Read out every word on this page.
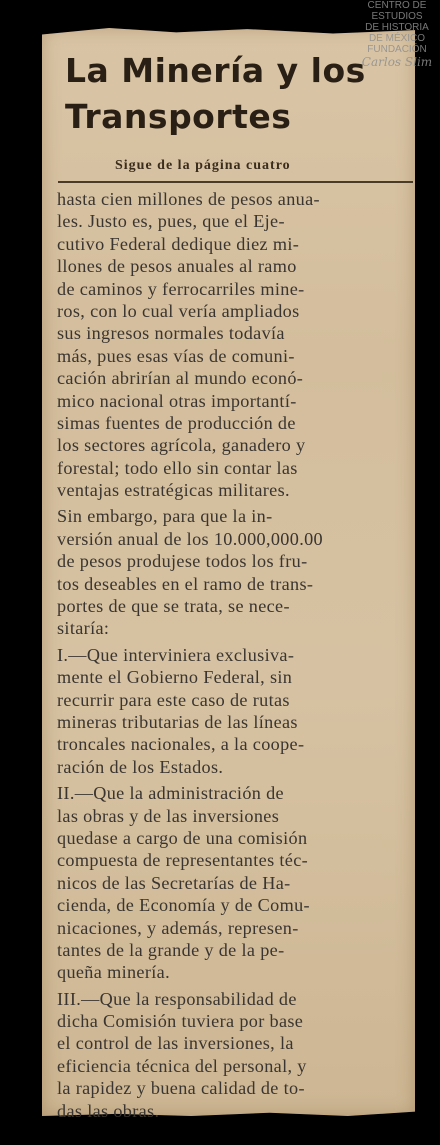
CENTRO DE
ESTUDIOS
DE HISTORIA
DE MÉXICO
FUNDACIÓN
Carlos Slim
La Minería y los
Transportes
Sigue de la página cuatro
hasta cien millones de pesos anua-
les. Justo es, pues, que el Eje-
cutivo Federal dedique diez mi-
llones de pesos anuales al ramo
de caminos y ferrocarriles mine-
ros, con lo cual vería ampliados
sus ingresos normales todavía
más, pues esas vías de comuni-
cación abrirían al mundo econó-
mico nacional otras importantí-
simas fuentes de producción de
los sectores agrícola, ganadero y
forestal; todo ello sin contar las
ventajas estratégicas militares.
Sin embargo, para que la in-
versión anual de los 10.000,000.00
de pesos produjese todos los fru-
tos deseables en el ramo de trans-
portes de que se trata, se nece-
sitaría:
I.—Que interviniera exclusiva-
mente el Gobierno Federal, sin
recurrir para este caso de rutas
mineras tributarias de las líneas
troncales nacionales, a la coope-
ración de los Estados.
II.—Que la administración de
las obras y de las inversiones
quedase a cargo de una comisión
compuesta de representantes téc-
nicos de las Secretarías de Ha-
cienda, de Economía y de Comu-
nicaciones, y además, represen-
tantes de la grande y de la pe-
queña minería.
III.—Que la responsabilidad de
dicha Comisión tuviera por base
el control de las inversiones, la
eficiencia técnica del personal, y
la rapidez y buena calidad de to-
das las obras.
